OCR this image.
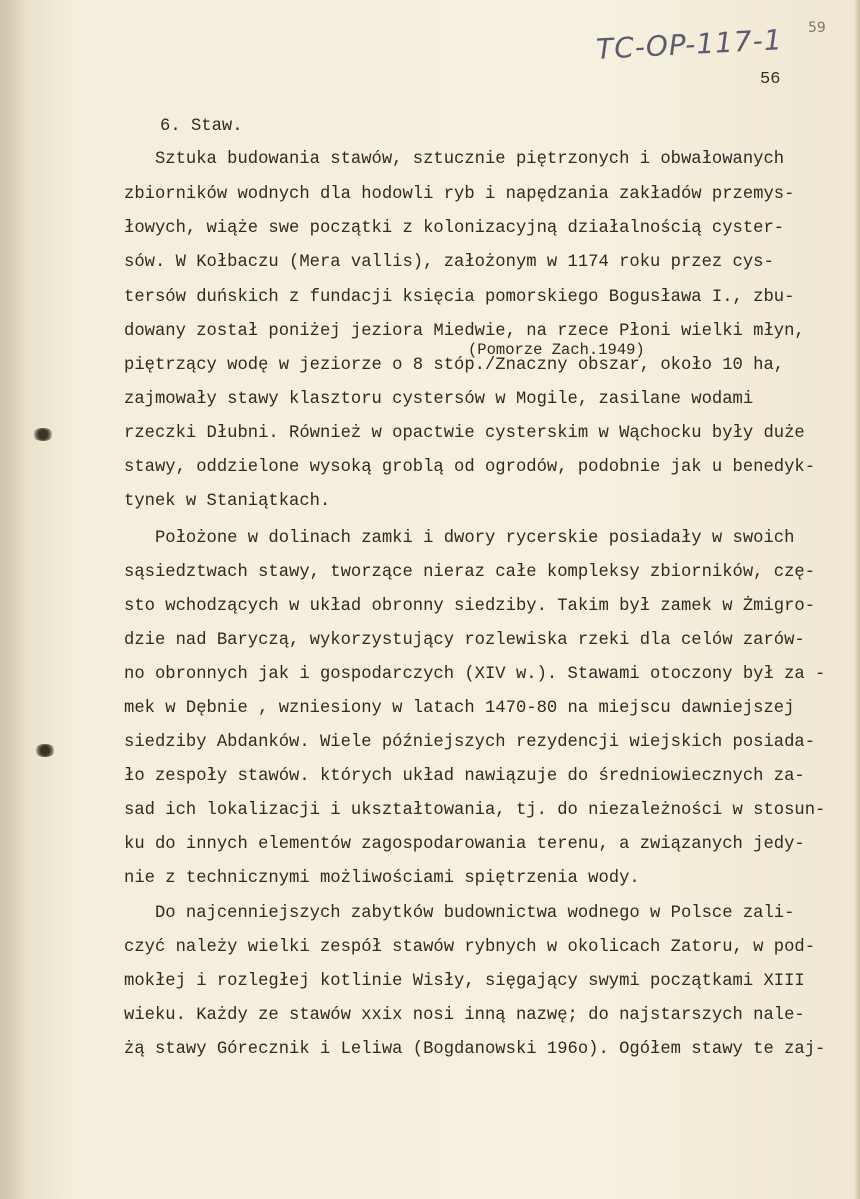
TC-OP-117-1 59
56
6. Staw.
(Pomorze Zach.1949)
Sztuka budowania stawów, sztucznie piętrzonych i obwałowanych
zbiorników wodnych dla hodowli ryb i napędzania zakładów przemys-
łowych, wiąże swe początki z kolonizacyjną działalnością cyster-
sów. W Kołbaczu (Mera vallis), założonym w 1174 roku przez cys-
tersów duńskich z fundacji księcia pomorskiego Bogusława I., zbu-
dowany został poniżej jeziora Miedwie, na rzece Płoni wielki młyn,
piętrzący wodę w jeziorze o 8 stóp./Znaczny obszar, około 10 ha,
zajmowały stawy klasztoru cystersów w Mogile, zasilane wodami
rzeczki Dłubni. Również w opactwie cysterskim w Wąchocku były duże
stawy, oddzielone wysoką groblą od ogrodów, podobnie jak u benedyk-
tynek w Staniątkach.
Położone w dolinach zamki i dwory rycerskie posiadały w swoich
sąsiedztwach stawy, tworzące nieraz całe kompleksy zbiorników, czę-
sto wchodzących w układ obronny siedziby. Takim był zamek w Żmigro-
dzie nad Baryczą, wykorzystujący rozlewiska rzeki dla celów zarów-
no obronnych jak i gospodarczych (XIV w.). Stawami otoczony był za -
mek w Dębnie , wzniesiony w latach 1470-80 na miejscu dawniejszej
siedziby Abdanków. Wiele późniejszych rezydencji wiejskich posiada-
ło zespoły stawów. których układ nawiązuje do średniowiecznych za-
sad ich lokalizacji i ukształtowania, tj. do niezależności w stosun-
ku do innych elementów zagospodarowania terenu, a związanych jedy-
nie z technicznymi możliwościami spiętrzenia wody.
Do najcenniejszych zabytków budownictwa wodnego w Polsce zali-
czyć należy wielki zespół stawów rybnych w okolicach Zatoru, w pod-
mokłej i rozległej kotlinie Wisły, sięgający swymi początkami XIII
wieku. Każdy ze stawów xxix nosi inną nazwę; do najstarszych nale-
żą stawy Górecznik i Leliwa (Bogdanowski 196o). Ogółem stawy te zaj-
